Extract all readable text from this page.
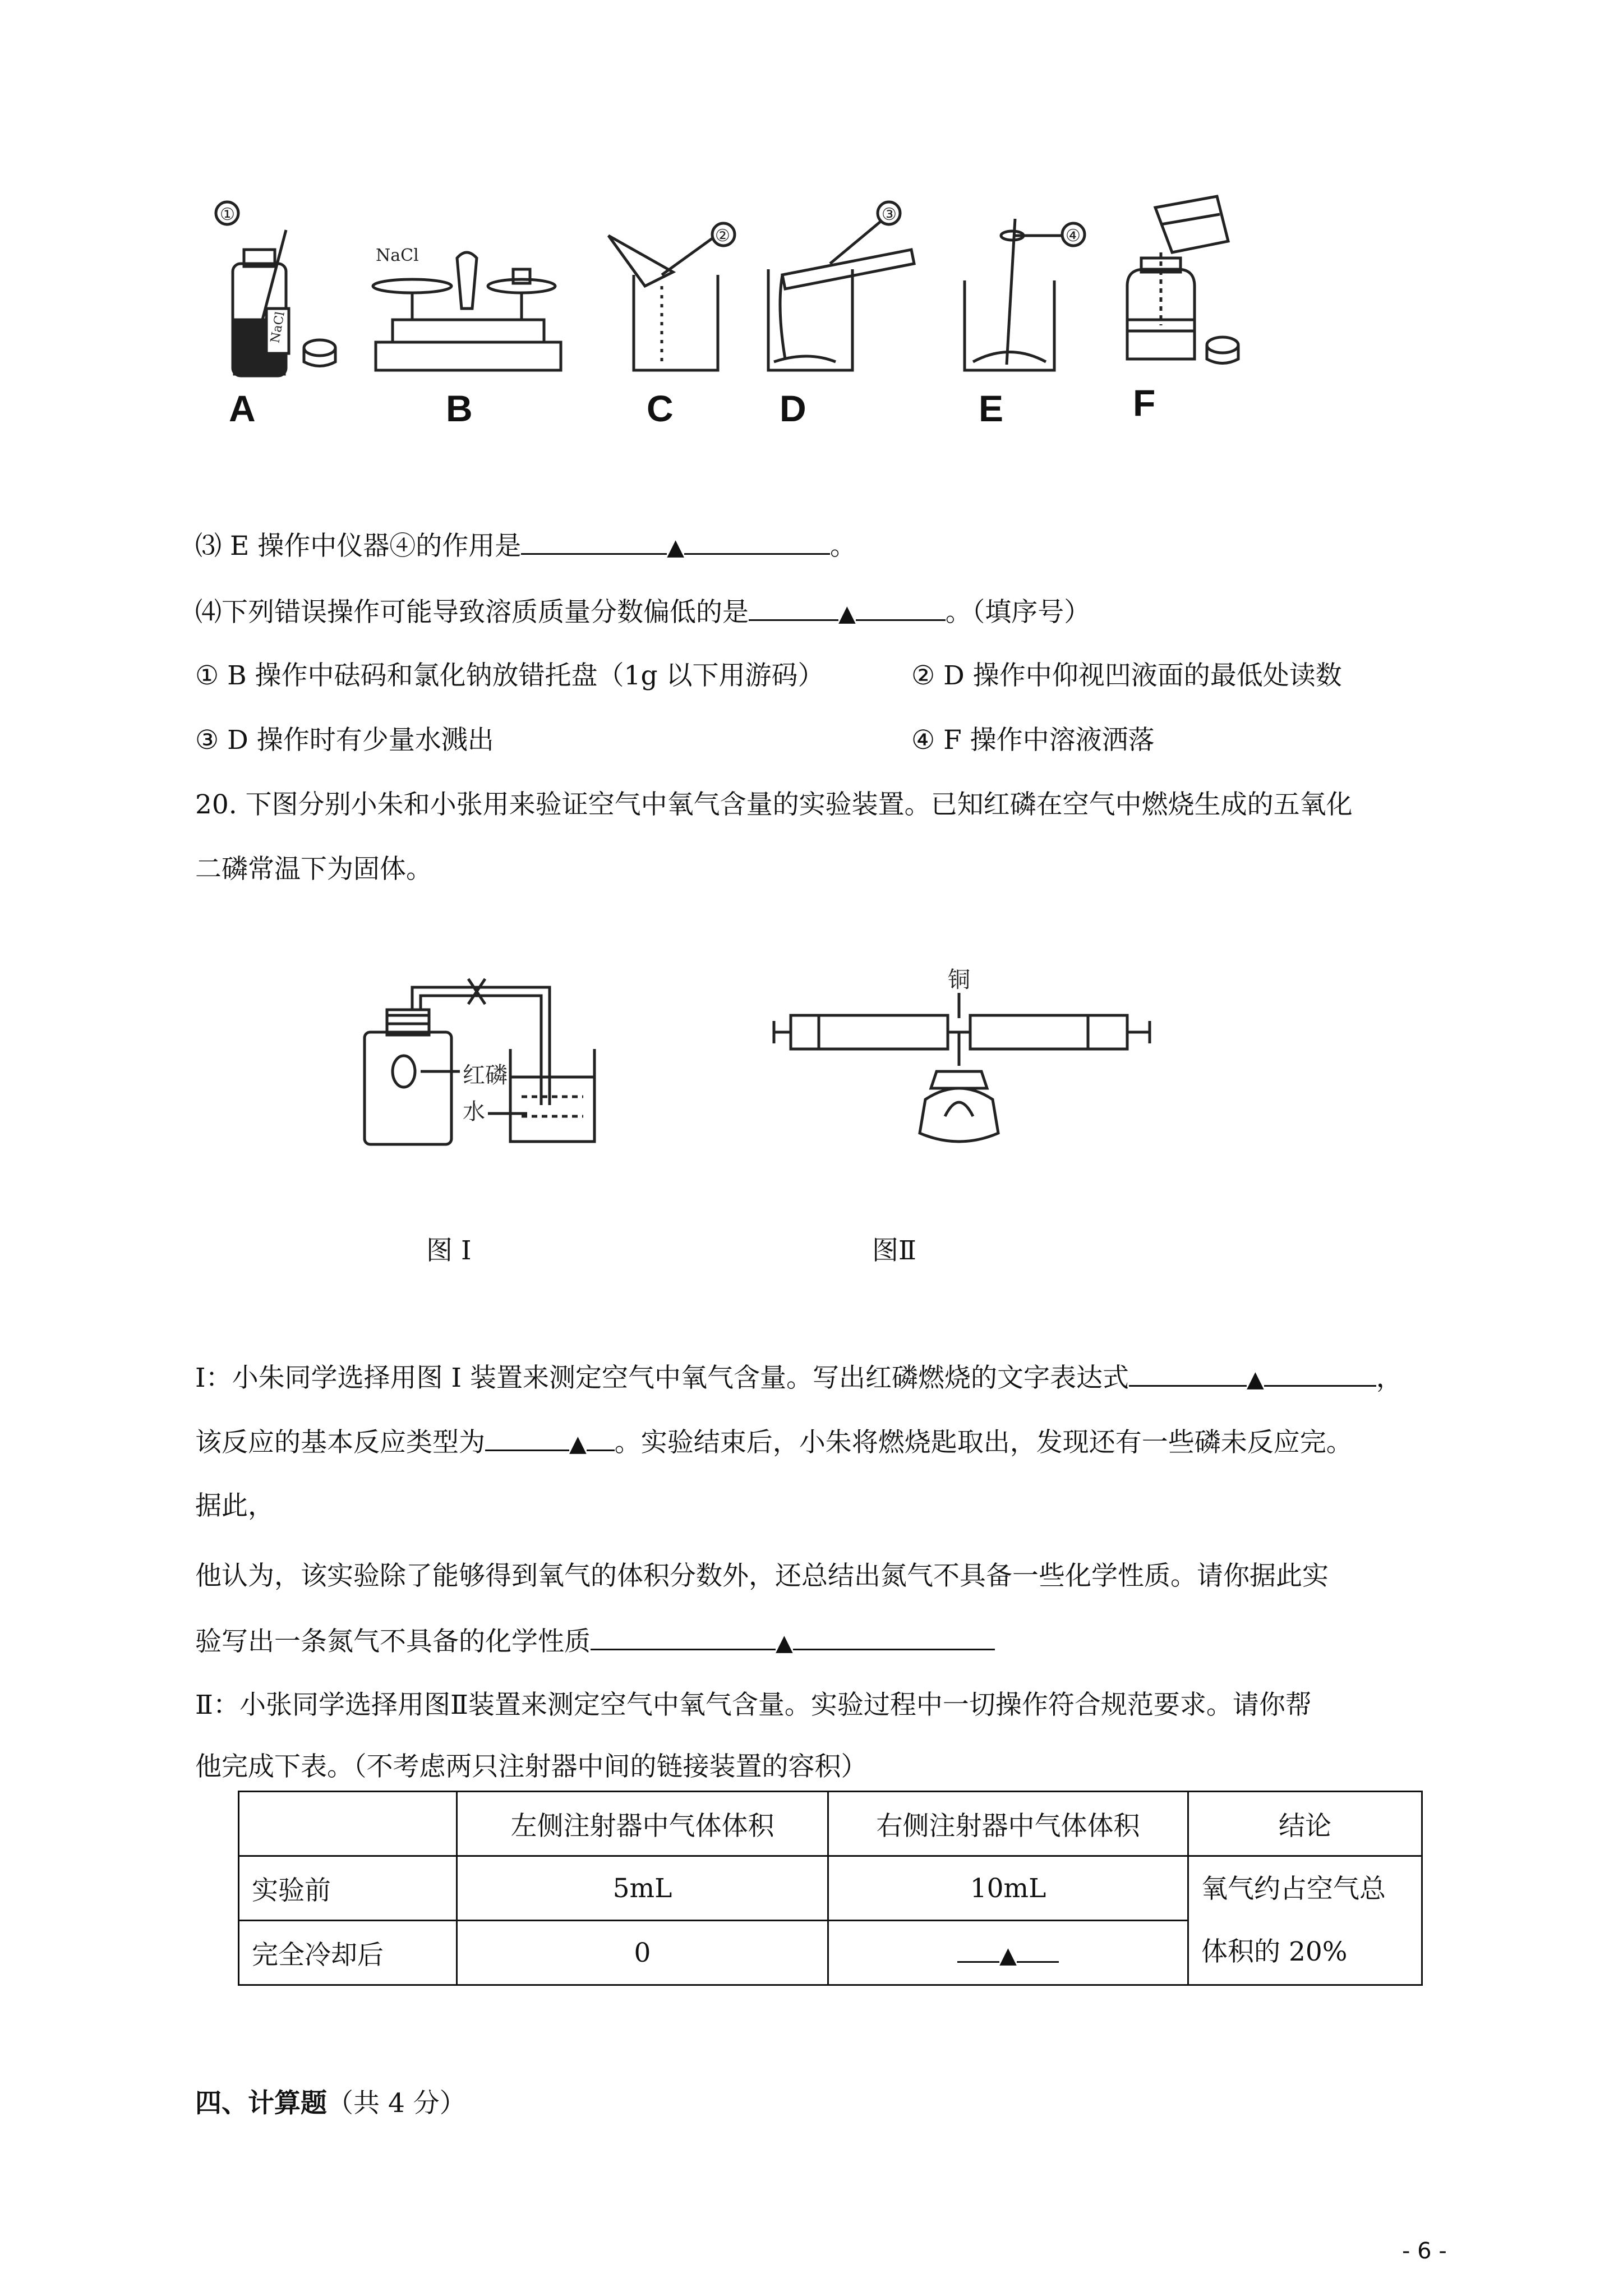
①
NaCl
A
NaCl
B
②
C
③
D
④
E	F
⑶ E 操作中仪器④的作用是	▲	。
⑷下列错误操作可能导致溶质质量分数偏低的是	▲	。（填序号）
① B 操作中砝码和氯化钠放错托盘（1g 以下用游码）	② D 操作中仰视凹液面的最低处读数
③ D 操作时有少量水溅出	④ F 操作中溶液洒落
20. 下图分别小朱和小张用来验证空气中氧气含量的实验装置。已知红磷在空气中燃烧生成的五氧化
二磷常温下为固体。
红磷
水
图 I
铜
图Ⅱ
Ⅰ：小朱同学选择用图 I 装置来测定空气中氧气含量。写出红磷燃烧的文字表达式	▲	，
该反应的基本反应类型为	▲ 。实验结束后，小朱将燃烧匙取出，发现还有一些磷未反应完。
据此，
他认为，该实验除了能够得到氧气的体积分数外，还总结出氮气不具备一些化学性质。请你据此实
验写出一条氮气不具备的化学性质	▲
Ⅱ：小张同学选择用图Ⅱ装置来测定空气中氧气含量。实验过程中一切操作符合规范要求。请你帮
他完成下表。（不考虑两只注射器中间的链接装置的容积）
	左侧注射器中气体体积	右侧注射器中气体体积	结论
实验前	5mL	10mL	氧气约占空气总
体积的 20%
完全冷却后	0	▲	
四、计算题（共 4 分）
- 6 -
